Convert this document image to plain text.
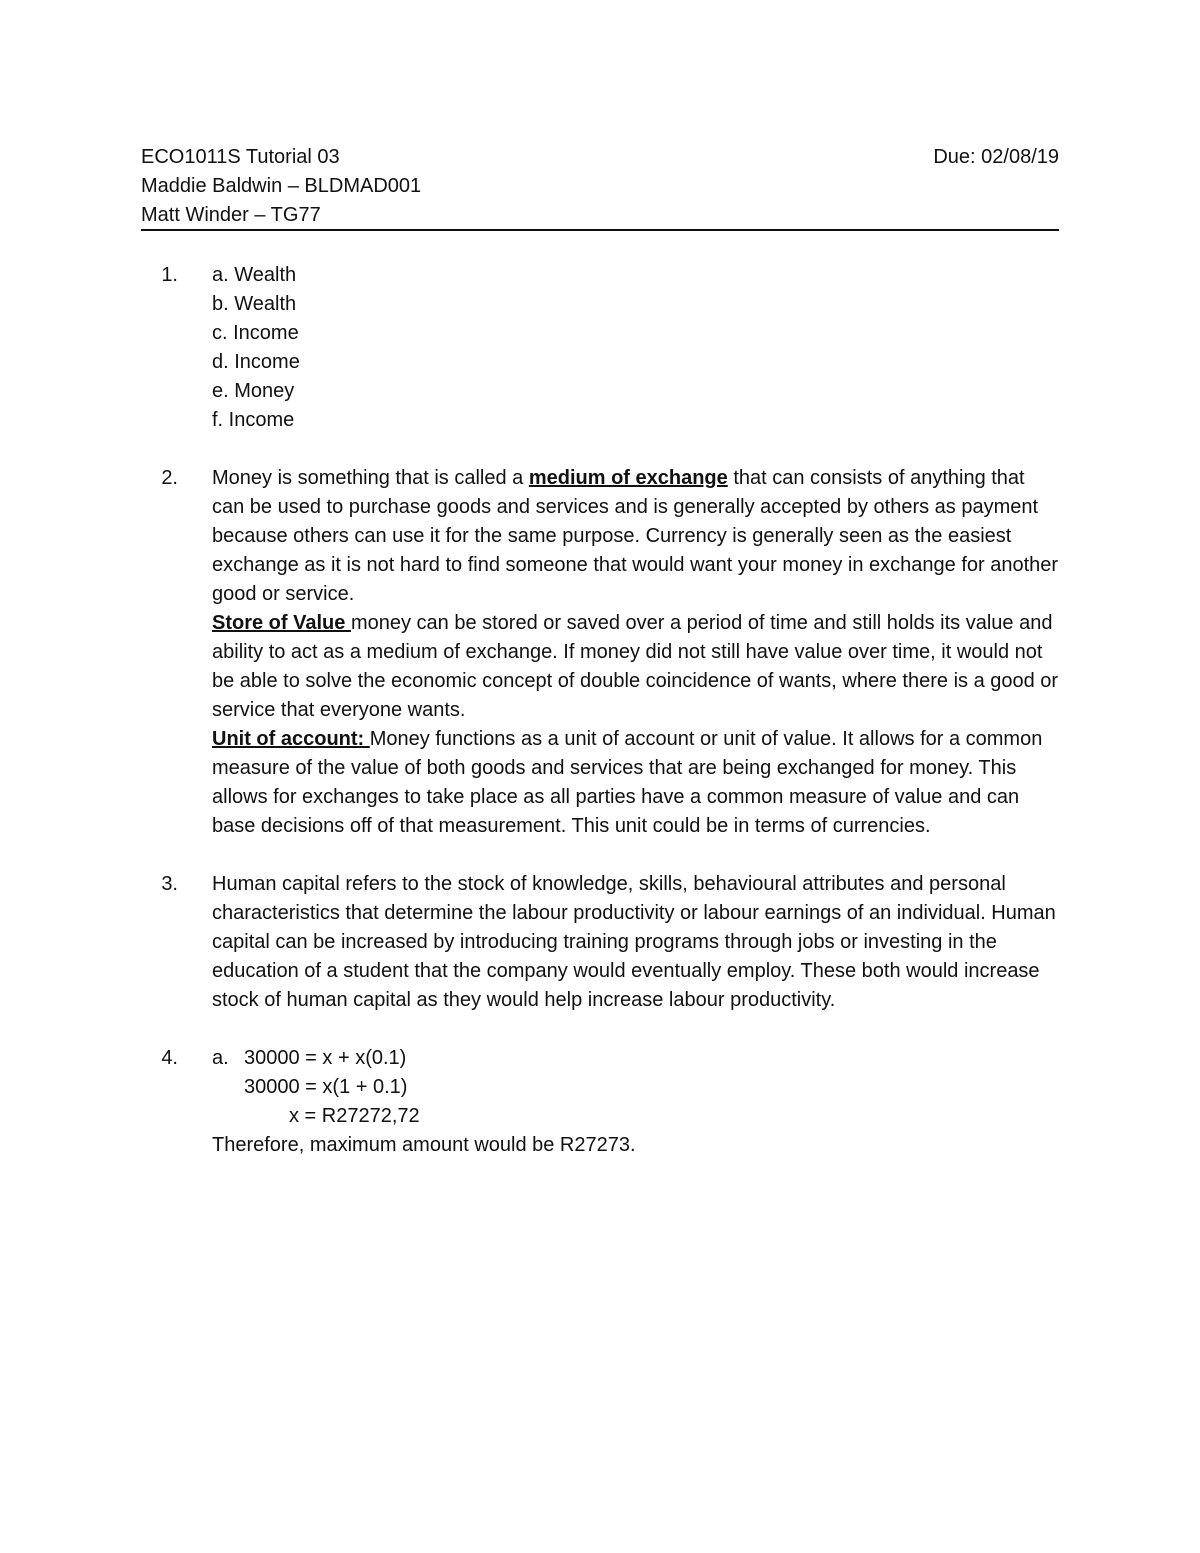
ECO1011S Tutorial 03	Due: 02/08/19
Maddie Baldwin – BLDMAD001
Matt Winder – TG77
1.	a. Wealth
b. Wealth
c. Income
d. Income
e. Money
f. Income
2.	Money is something that is called a medium of exchange that can consists of anything that can be used to purchase goods and services and is generally accepted by others as payment because others can use it for the same purpose. Currency is generally seen as the easiest exchange as it is not hard to find someone that would want your money in exchange for another good or service.

Store of Value money can be stored or saved over a period of time and still holds its value and ability to act as a medium of exchange. If money did not still have value over time, it would not be able to solve the economic concept of double coincidence of wants, where there is a good or service that everyone wants.

Unit of account: Money functions as a unit of account or unit of value. It allows for a common measure of the value of both goods and services that are being exchanged for money. This allows for exchanges to take place as all parties have a common measure of value and can base decisions off of that measurement. This unit could be in terms of currencies.

3.	Human capital refers to the stock of knowledge, skills, behavioural attributes and personal characteristics that determine the labour productivity or labour earnings of an individual. Human capital can be increased by introducing training programs through jobs or investing in the education of a student that the company would eventually employ. These both would increase stock of human capital as they would help increase labour productivity.

4.	a. 30000 = x + x(0.1)
30000 = x(1 + 0.1)
x = R27272,72
Therefore, maximum amount would be R27273.
